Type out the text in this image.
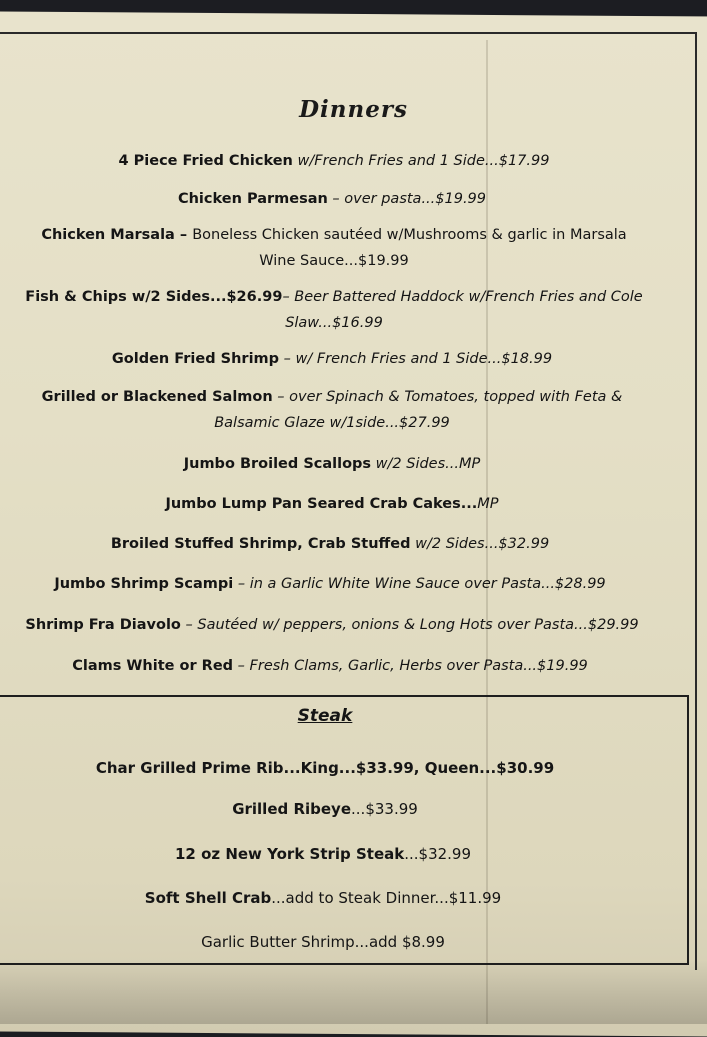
Dinners
4 Piece Fried Chicken w/French Fries and 1 Side...$17.99
Chicken Parmesan – over pasta...$19.99
Chicken Marsala – Boneless Chicken sautéed w/Mushrooms & garlic in Marsala Wine Sauce...$19.99
Fish & Chips w/2 Sides...$26.99– Beer Battered Haddock w/French Fries and Cole Slaw...$16.99
Golden Fried Shrimp – w/ French Fries and 1 Side...$18.99
Grilled or Blackened Salmon – over Spinach & Tomatoes, topped with Feta & Balsamic Glaze w/1side...$27.99
Jumbo Broiled Scallops w/2 Sides...MP
Jumbo Lump Pan Seared Crab Cakes...MP
Broiled Stuffed Shrimp, Crab Stuffed w/2 Sides...$32.99
Jumbo Shrimp Scampi – in a Garlic White Wine Sauce over Pasta...$28.99
Shrimp Fra Diavolo – Sautéed w/ peppers, onions & Long Hots over Pasta...$29.99
Clams White or Red – Fresh Clams, Garlic, Herbs over Pasta...$19.99
Steak
Char Grilled Prime Rib...King...$33.99, Queen...$30.99
Grilled Ribeye...$33.99
12 oz New York Strip Steak...$32.99
Soft Shell Crab...add to Steak Dinner...$11.99
Garlic Butter Shrimp...add $8.99
